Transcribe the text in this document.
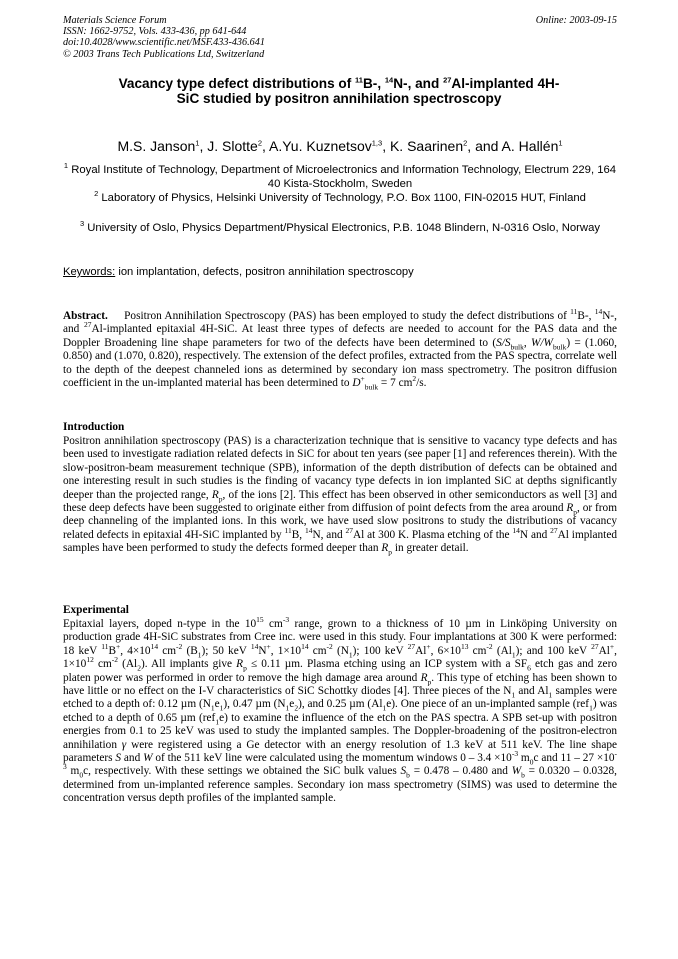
Materials Science Forum
ISSN: 1662-9752, Vols. 433-436, pp 641-644
doi:10.4028/www.scientific.net/MSF.433-436.641
© 2003 Trans Tech Publications Ltd, Switzerland
Online: 2003-09-15
Vacancy type defect distributions of $^{11}$B-, $^{14}$N-, and $^{27}$Al-implanted 4H-SiC studied by positron annihilation spectroscopy
M.S. Janson$^1$, J. Slotte$^2$, A.Yu. Kuznetsov$^{1,3}$, K. Saarinen$^2$, and A. Hallén$^1$
$^1$ Royal Institute of Technology, Department of Microelectronics and Information Technology, Electrum 229, 164 40 Kista-Stockholm, Sweden
$^2$ Laboratory of Physics, Helsinki University of Technology, P.O. Box 1100, FIN-02015 HUT, Finland
$^3$ University of Oslo, Physics Department/Physical Electronics, P.B. 1048 Blindern, N-0316 Oslo, Norway
Keywords: ion implantation, defects, positron annihilation spectroscopy
Abstract.     Positron Annihilation Spectroscopy (PAS) has been employed to study the defect distributions of $^{11}$B-, $^{14}$N-, and $^{27}$Al-implanted epitaxial 4H-SiC. At least three types of defects are needed to account for the PAS data and the Doppler Broadening line shape parameters for two of the defects have been determined to ($S/S_{bulk}$, $W/W_{bulk}) = (1.060$, 0.850) and (1.070, 0.820), respectively. The extension of the defect profiles, extracted from the PAS spectra, correlate well to the depth of the deepest channeled ions as determined by secondary ion mass spectrometry. The positron diffusion coefficient in the un-implanted material has been determined to $D^+_{bulk} = 7$ $cm^2/s$.
Introduction
Positron annihilation spectroscopy (PAS) is a characterization technique that is sensitive to vacancy type defects and has been used to investigate radiation related defects in SiC for about ten years (see paper [1] and references therein). With the slow-positron-beam measurement technique (SPB), information of the depth distribution of defects can be obtained and one interesting result in such studies is the finding of vacancy type defects in ion implanted SiC at depths significantly deeper than the projected range, $R_p$, of the ions [2]. This effect has been observed in other semiconductors as well [3] and these deep defects have been suggested to originate either from diffusion of point defects from the area around $R_p$, or from deep channeling of the implanted ions. In this work, we have used slow positrons to study the distributions of vacancy related defects in epitaxial 4H-SiC implanted by $^{11}$B, $^{14}$N, and $^{27}$Al at 300 K. Plasma etching of the $^{14}$N and $^{27}$Al implanted samples have been performed to study the defects formed deeper than $R_p$ in greater detail.
Experimental
Epitaxial layers, doped n-type in the $10^{15}$ $cm^{-3}$ range, grown to a thickness of 10 µm in Linköping University on production grade 4H-SiC substrates from Cree inc. were used in this study. Four implantations at 300 K were performed: 18 keV $^{11}$B+, $4\times 10^{14}$ $cm^{-2}$ $(B_1)$; 50 keV $^{14}$N+, $1\times 10^{14}$ $cm^{-2}$ $(N_1)$; 100 keV $^{27}$Al+, $6\times 10^{13}$ $cm^{-2}$ $(Al_1)$; and 100 keV $^{27}$Al+, $1\times 10^{12}$ $cm^{-2}$ $(Al_2)$. All implants give $R_p \le 0.11$ µm. Plasma etching using an ICP system with a $SF_6$ etch gas and zero platen power was performed in order to remove the high damage area around $R_p$. This type of etching has been shown to have little or no effect on the I-V characteristics of SiC Schottky diodes [4]. Three pieces of the $N_1$ and $Al_1$ samples were etched to a depth of: 0.12 µm $(N_1e_1)$, 0.47 µm $(N_1e_2)$, and 0.25 µm $(Al_1e)$. One piece of an un-implanted sample (ref$_1$) was etched to a depth of 0.65 µm (ref$_1$e) to examine the influence of the etch on the PAS spectra. A SPB set-up with positron energies from 0.1 to 25 keV was used to study the implanted samples. The Doppler-broadening of the positron-electron annihilation γ were registered using a Ge detector with an energy resolution of 1.3 keV at 511 keV. The line shape parameters S and W of the 511 keV line were calculated using the momentum windows $0 - 3.4 \times 10^{-3}$ $m_0c$ and $11 - 27 \times 10^{-3}$ $m_0c$, respectively. With these settings we obtained the SiC bulk values $S_b = 0.478 - 0.480$ and $W_b = 0.0320 - 0.0328$, determined from un-implanted reference samples. Secondary ion mass spectrometry (SIMS) was used to determine the concentration versus depth profiles of the implanted sample.
